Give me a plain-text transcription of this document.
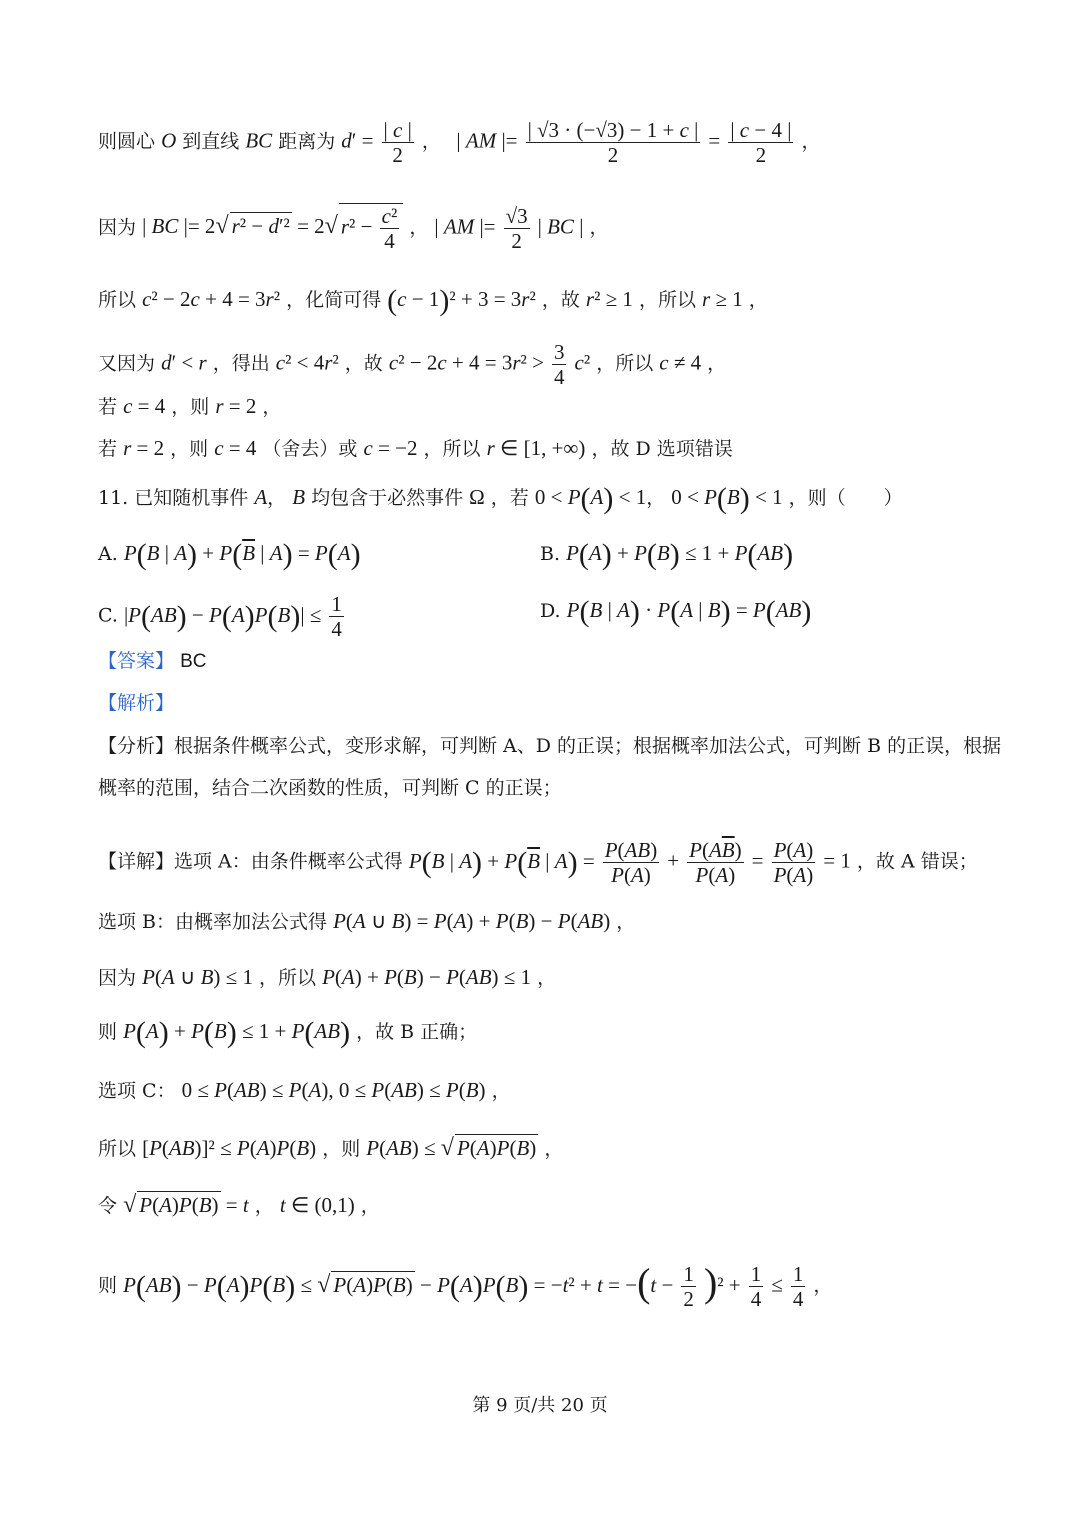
则圆心 O 到直线 BC 距离为 $d' = \frac{| c |}{2}$ ，　 | AM |= $\frac{| √3 \cdot (-√3) - 1 + c |}{2} = \frac{| c - 4 |}{2}$ ，
因为 | BC |= 2√ r² − d′² = 2√ $r^2 - \frac{\text{c²}}{4}$ ， | AM |= $\frac{√3}{2}$ | BC | ，
所以 c² − 2c + 4 = 3r² ，化简可得 (c − 1)² + 3 = 3r² ，故 r² ≥ 1 ，所以 r ≥ 1 ，
又因为 d′ < r ，得出 c² < 4r² ，故 $c^2 - 2c + 4 = 3r^2 > \frac{3}{4} c^2$ ，所以 c ≠ 4 ，
若 c = 4 ，则 r = 2 ，
若 r = 2 ，则 c = 4 （舍去）或 c = −2 ，所以 r ∈ [1, +∞) ，故 D 选项错误
11. 已知随机事件 A， B 均包含于必然事件 Ω ，若 0 < P(A) < 1， 0 < P(B) < 1 ，则（　　）
A. P(B | $A) + P(\overline{B}$ | A) = P(A)	B. P(A) + P(B) ≤ 1 + P(AB)
C. $|P(AB) - P(A)P(B)| \le \frac{1}{4}$	D. P(B | A) · P(A | B) = P(AB)
【答案】 BC
【解析】
【分析】根据条件概率公式，变形求解，可判断 A、D 的正误；根据概率加法公式，可判断 B 的正误，根据
概率的范围，结合二次函数的性质，可判断 C 的正误；
【详解】选项 A：由条件概率公式得 P(B | $A) + P(\overline{B}$ | $A) = \frac{P(AB)}{P(A)} + \frac{P(A\overline{B})}{P(A)} = \frac{P(A)}{P(A)} = 1$ ，故 A 错误；
选项 B：由概率加法公式得 P(A ∪ B) = P(A) + P(B) − P(AB) ，
因为 P(A ∪ B) ≤ 1 ，所以 P(A) + P(B) − P(AB) ≤ 1 ，
则 P(A) + P(B) ≤ 1 + P(AB) ，故 B 正确；
选项 C： 0 ≤ P(AB) ≤ P(A), 0 ≤ P(AB) ≤ P(B) ，
所以 [P(AB)]² ≤ P(A)P(B) ，则 P(AB) ≤ √ P(A)P(B) ，
令 √ P(A)P(B) = t ， t ∈ (0,1) ，
则 P(AB) − P(A)P(B) ≤ √ $P(A)P(B) - P(A)P(B) = -t^2 + t = -(t - \frac{1}{2} )^2 + \frac{1}{4} \le \frac{1}{4}$ ，
第 9 页/共 20 页
